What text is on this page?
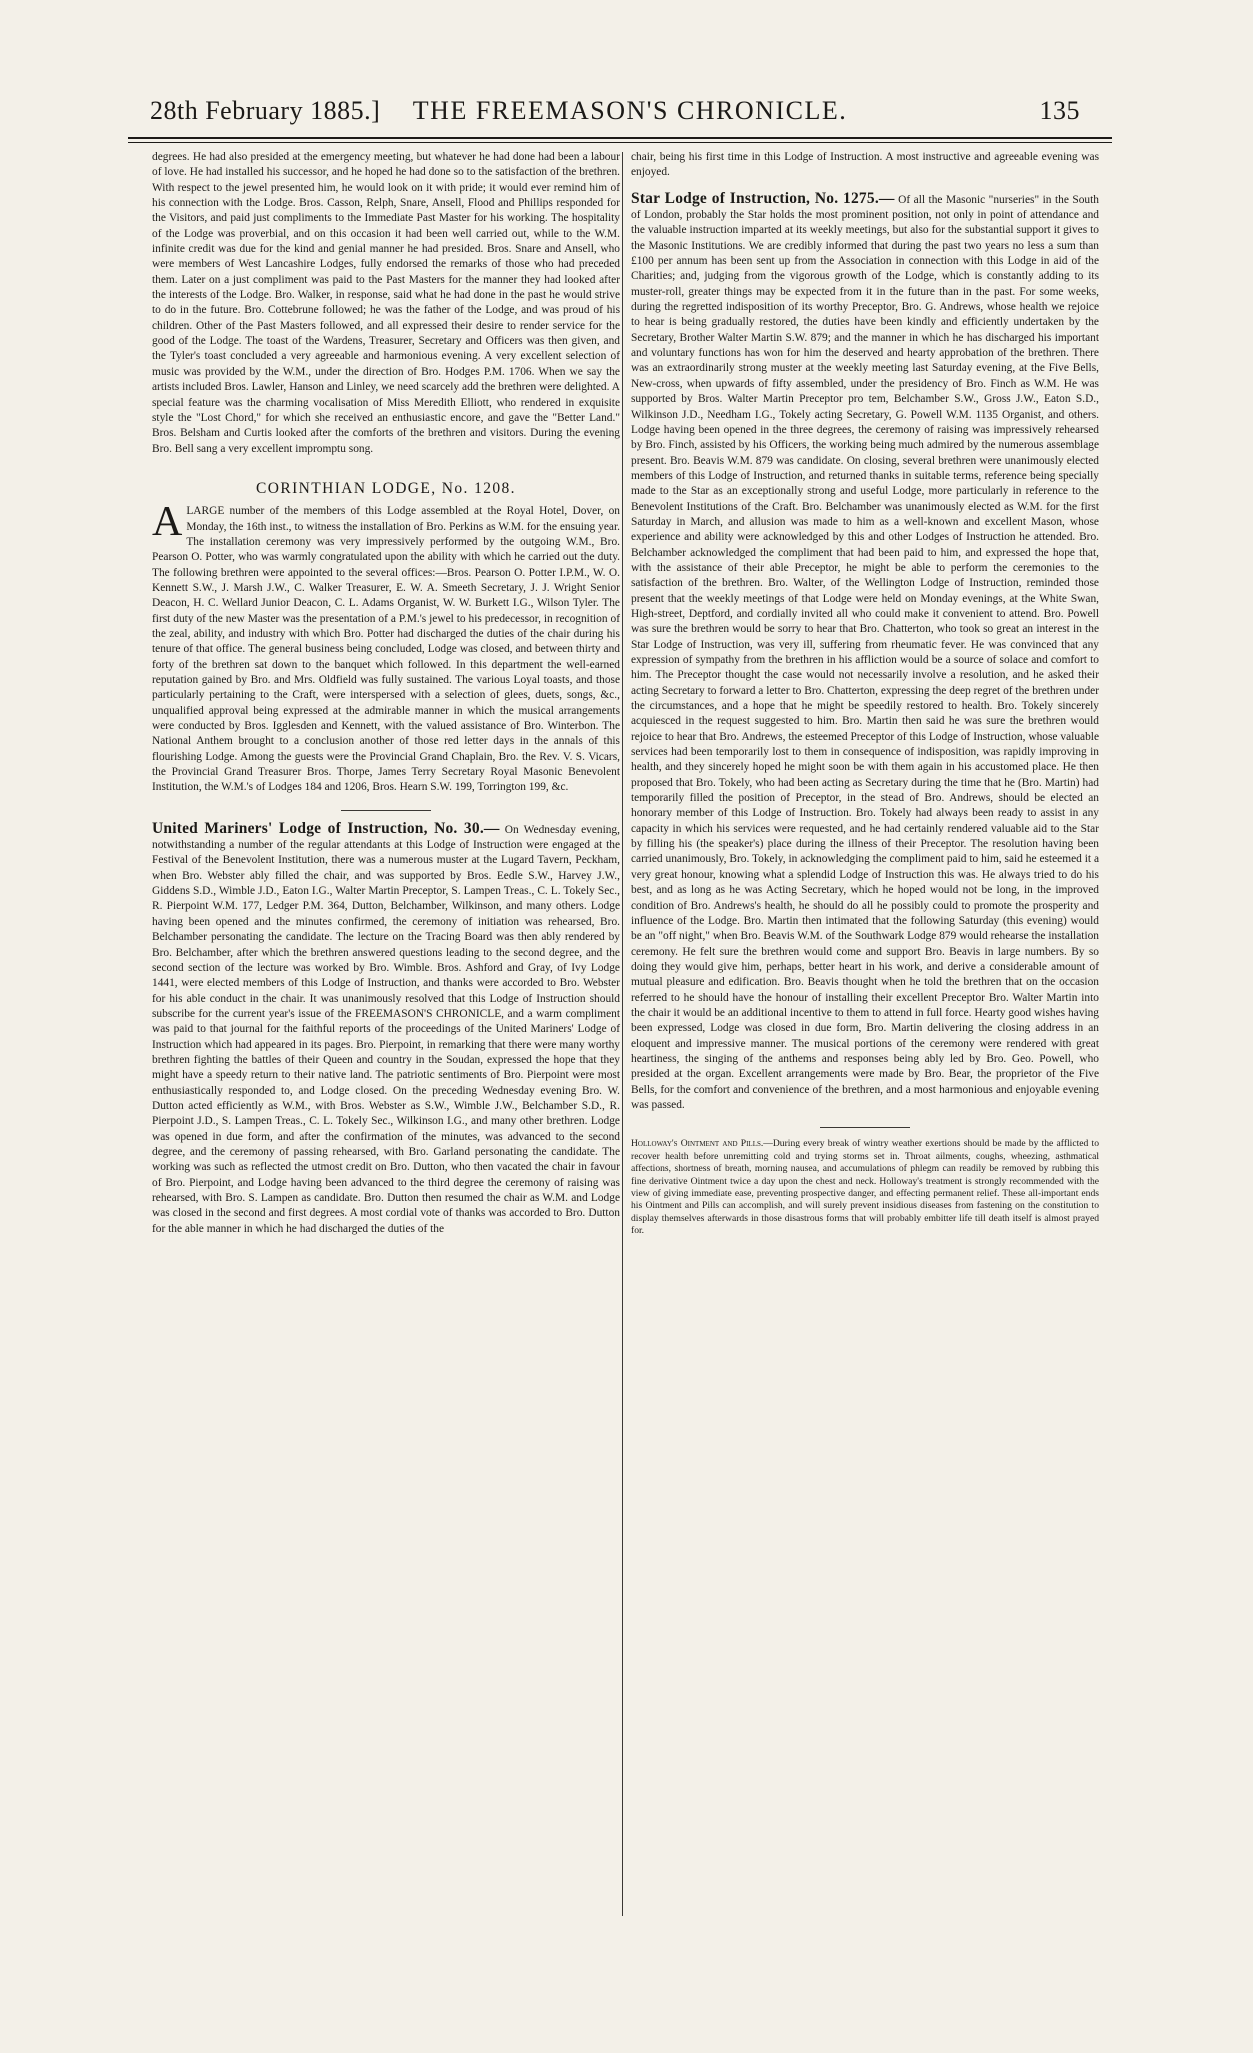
28th February 1885.]	THE FREEMASON'S CHRONICLE.	135

degrees. He had also presided at the emergency meeting, but whatever he had done had been a labour of love. He had installed his successor, and he hoped he had done so to the satisfaction of the brethren. With respect to the jewel presented him, he would look on it with pride; it would ever remind him of his connection with the Lodge. Bros. Casson, Relph, Snare, Ansell, Flood and Phillips responded for the Visitors, and paid just compliments to the Immediate Past Master for his working. The hospitality of the Lodge was proverbial, and on this occasion it had been well carried out, while to the W.M. infinite credit was due for the kind and genial manner he had presided. Bros. Snare and Ansell, who were members of West Lancashire Lodges, fully endorsed the remarks of those who had preceded them. Later on a just compliment was paid to the Past Masters for the manner they had looked after the interests of the Lodge. Bro. Walker, in response, said what he had done in the past he would strive to do in the future. Bro. Cottebrune followed; he was the father of the Lodge, and was proud of his children. Other of the Past Masters followed, and all expressed their desire to render service for the good of the Lodge. The toast of the Wardens, Treasurer, Secretary and Officers was then given, and the Tyler's toast concluded a very agreeable and harmonious evening. A very excellent selection of music was provided by the W.M., under the direction of Bro. Hodges P.M. 1706. When we say the artists included Bros. Lawler, Hanson and Linley, we need scarcely add the brethren were delighted. A special feature was the charming vocalisation of Miss Meredith Elliott, who rendered in exquisite style the "Lost Chord," for which she received an enthusiastic encore, and gave the "Better Land." Bros. Belsham and Curtis looked after the comforts of the brethren and visitors. During the evening Bro. Bell sang a very excellent impromptu song.

CORINTHIAN LODGE, No. 1208.

ALARGE number of the members of this Lodge assembled at the Royal Hotel, Dover, on Monday, the 16th inst., to witness the installation of Bro. Perkins as W.M. for the ensuing year. The installation ceremony was very impressively performed by the outgoing W.M., Bro. Pearson O. Potter, who was warmly congratulated upon the ability with which he carried out the duty. The following brethren were appointed to the several offices:—Bros. Pearson O. Potter I.P.M., W. O. Kennett S.W., J. Marsh J.W., C. Walker Treasurer, E. W. A. Smeeth Secretary, J. J. Wright Senior Deacon, H. C. Wellard Junior Deacon, C. L. Adams Organist, W. W. Burkett I.G., Wilson Tyler. The first duty of the new Master was the presentation of a P.M.'s jewel to his predecessor, in recognition of the zeal, ability, and industry with which Bro. Potter had discharged the duties of the chair during his tenure of that office. The general business being concluded, Lodge was closed, and between thirty and forty of the brethren sat down to the banquet which followed. In this department the well-earned reputation gained by Bro. and Mrs. Oldfield was fully sustained. The various Loyal toasts, and those particularly pertaining to the Craft, were interspersed with a selection of glees, duets, songs, &c., unqualified approval being expressed at the admirable manner in which the musical arrangements were conducted by Bros. Igglesden and Kennett, with the valued assistance of Bro. Winterbon. The National Anthem brought to a conclusion another of those red letter days in the annals of this flourishing Lodge. Among the guests were the Provincial Grand Chaplain, Bro. the Rev. V. S. Vicars, the Provincial Grand Treasurer Bros. Thorpe, James Terry Secretary Royal Masonic Benevolent Institution, the W.M.'s of Lodges 184 and 1206, Bros. Hearn S.W. 199, Torrington 199, &c.

United Mariners' Lodge of Instruction, No. 30.— On Wednesday evening, notwithstanding a number of the regular attendants at this Lodge of Instruction were engaged at the Festival of the Benevolent Institution, there was a numerous muster at the Lugard Tavern, Peckham, when Bro. Webster ably filled the chair, and was supported by Bros. Eedle S.W., Harvey J.W., Giddens S.D., Wimble J.D., Eaton I.G., Walter Martin Preceptor, S. Lampen Treas., C. L. Tokely Sec., R. Pierpoint W.M. 177, Ledger P.M. 364, Dutton, Belchamber, Wilkinson, and many others. Lodge having been opened and the minutes confirmed, the ceremony of initiation was rehearsed, Bro. Belchamber personating the candidate. The lecture on the Tracing Board was then ably rendered by Bro. Belchamber, after which the brethren answered questions leading to the second degree, and the second section of the lecture was worked by Bro. Wimble. Bros. Ashford and Gray, of Ivy Lodge 1441, were elected members of this Lodge of Instruction, and thanks were accorded to Bro. Webster for his able conduct in the chair. It was unanimously resolved that this Lodge of Instruction should subscribe for the current year's issue of the FREEMASON'S CHRONICLE, and a warm compliment was paid to that journal for the faithful reports of the proceedings of the United Mariners' Lodge of Instruction which had appeared in its pages. Bro. Pierpoint, in remarking that there were many worthy brethren fighting the battles of their Queen and country in the Soudan, expressed the hope that they might have a speedy return to their native land. The patriotic sentiments of Bro. Pierpoint were most enthusiastically responded to, and Lodge closed. On the preceding Wednesday evening Bro. W. Dutton acted efficiently as W.M., with Bros. Webster as S.W., Wimble J.W., Belchamber S.D., R. Pierpoint J.D., S. Lampen Treas., C. L. Tokely Sec., Wilkinson I.G., and many other brethren. Lodge was opened in due form, and after the confirmation of the minutes, was advanced to the second degree, and the ceremony of passing rehearsed, with Bro. Garland personating the candidate. The working was such as reflected the utmost credit on Bro. Dutton, who then vacated the chair in favour of Bro. Pierpoint, and Lodge having been advanced to the third degree the ceremony of raising was rehearsed, with Bro. S. Lampen as candidate. Bro. Dutton then resumed the chair as W.M. and Lodge was closed in the second and first degrees. A most cordial vote of thanks was accorded to Bro. Dutton for the able manner in which he had discharged the duties of the

chair, being his first time in this Lodge of Instruction. A most instructive and agreeable evening was enjoyed.

Star Lodge of Instruction, No. 1275.— Of all the Masonic "nurseries" in the South of London, probably the Star holds the most prominent position, not only in point of attendance and the valuable instruction imparted at its weekly meetings, but also for the substantial support it gives to the Masonic Institutions. We are credibly informed that during the past two years no less a sum than £100 per annum has been sent up from the Association in connection with this Lodge in aid of the Charities; and, judging from the vigorous growth of the Lodge, which is constantly adding to its muster-roll, greater things may be expected from it in the future than in the past. For some weeks, during the regretted indisposition of its worthy Preceptor, Bro. G. Andrews, whose health we rejoice to hear is being gradually restored, the duties have been kindly and efficiently undertaken by the Secretary, Brother Walter Martin S.W. 879; and the manner in which he has discharged his important and voluntary functions has won for him the deserved and hearty approbation of the brethren. There was an extraordinarily strong muster at the weekly meeting last Saturday evening, at the Five Bells, New-cross, when upwards of fifty assembled, under the presidency of Bro. Finch as W.M. He was supported by Bros. Walter Martin Preceptor pro tem, Belchamber S.W., Gross J.W., Eaton S.D., Wilkinson J.D., Needham I.G., Tokely acting Secretary, G. Powell W.M. 1135 Organist, and others. Lodge having been opened in the three degrees, the ceremony of raising was impressively rehearsed by Bro. Finch, assisted by his Officers, the working being much admired by the numerous assemblage present. Bro. Beavis W.M. 879 was candidate. On closing, several brethren were unanimously elected members of this Lodge of Instruction, and returned thanks in suitable terms, reference being specially made to the Star as an exceptionally strong and useful Lodge, more particularly in reference to the Benevolent Institutions of the Craft. Bro. Belchamber was unanimously elected as W.M. for the first Saturday in March, and allusion was made to him as a well-known and excellent Mason, whose experience and ability were acknowledged by this and other Lodges of Instruction he attended. Bro. Belchamber acknowledged the compliment that had been paid to him, and expressed the hope that, with the assistance of their able Preceptor, he might be able to perform the ceremonies to the satisfaction of the brethren. Bro. Walter, of the Wellington Lodge of Instruction, reminded those present that the weekly meetings of that Lodge were held on Monday evenings, at the White Swan, High-street, Deptford, and cordially invited all who could make it convenient to attend. Bro. Powell was sure the brethren would be sorry to hear that Bro. Chatterton, who took so great an interest in the Star Lodge of Instruction, was very ill, suffering from rheumatic fever. He was convinced that any expression of sympathy from the brethren in his affliction would be a source of solace and comfort to him. The Preceptor thought the case would not necessarily involve a resolution, and he asked their acting Secretary to forward a letter to Bro. Chatterton, expressing the deep regret of the brethren under the circumstances, and a hope that he might be speedily restored to health. Bro. Tokely sincerely acquiesced in the request suggested to him. Bro. Martin then said he was sure the brethren would rejoice to hear that Bro. Andrews, the esteemed Preceptor of this Lodge of Instruction, whose valuable services had been temporarily lost to them in consequence of indisposition, was rapidly improving in health, and they sincerely hoped he might soon be with them again in his accustomed place. He then proposed that Bro. Tokely, who had been acting as Secretary during the time that he (Bro. Martin) had temporarily filled the position of Preceptor, in the stead of Bro. Andrews, should be elected an honorary member of this Lodge of Instruction. Bro. Tokely had always been ready to assist in any capacity in which his services were requested, and he had certainly rendered valuable aid to the Star by filling his (the speaker's) place during the illness of their Preceptor. The resolution having been carried unanimously, Bro. Tokely, in acknowledging the compliment paid to him, said he esteemed it a very great honour, knowing what a splendid Lodge of Instruction this was. He always tried to do his best, and as long as he was Acting Secretary, which he hoped would not be long, in the improved condition of Bro. Andrews's health, he should do all he possibly could to promote the prosperity and influence of the Lodge. Bro. Martin then intimated that the following Saturday (this evening) would be an "off night," when Bro. Beavis W.M. of the Southwark Lodge 879 would rehearse the installation ceremony. He felt sure the brethren would come and support Bro. Beavis in large numbers. By so doing they would give him, perhaps, better heart in his work, and derive a considerable amount of mutual pleasure and edification. Bro. Beavis thought when he told the brethren that on the occasion referred to he should have the honour of installing their excellent Preceptor Bro. Walter Martin into the chair it would be an additional incentive to them to attend in full force. Hearty good wishes having been expressed, Lodge was closed in due form, Bro. Martin delivering the closing address in an eloquent and impressive manner. The musical portions of the ceremony were rendered with great heartiness, the singing of the anthems and responses being ably led by Bro. Geo. Powell, who presided at the organ. Excellent arrangements were made by Bro. Bear, the proprietor of the Five Bells, for the comfort and convenience of the brethren, and a most harmonious and enjoyable evening was passed.

Holloway's Ointment and Pills.—During every break of wintry weather exertions should be made by the afflicted to recover health before unremitting cold and trying storms set in. Throat ailments, coughs, wheezing, asthmatical affections, shortness of breath, morning nausea, and accumulations of phlegm can readily be removed by rubbing this fine derivative Ointment twice a day upon the chest and neck. Holloway's treatment is strongly recommended with the view of giving immediate ease, preventing prospective danger, and effecting permanent relief. These all-important ends his Ointment and Pills can accomplish, and will surely prevent insidious diseases from fastening on the constitution to display themselves afterwards in those disastrous forms that will probably embitter life till death itself is almost prayed for.
